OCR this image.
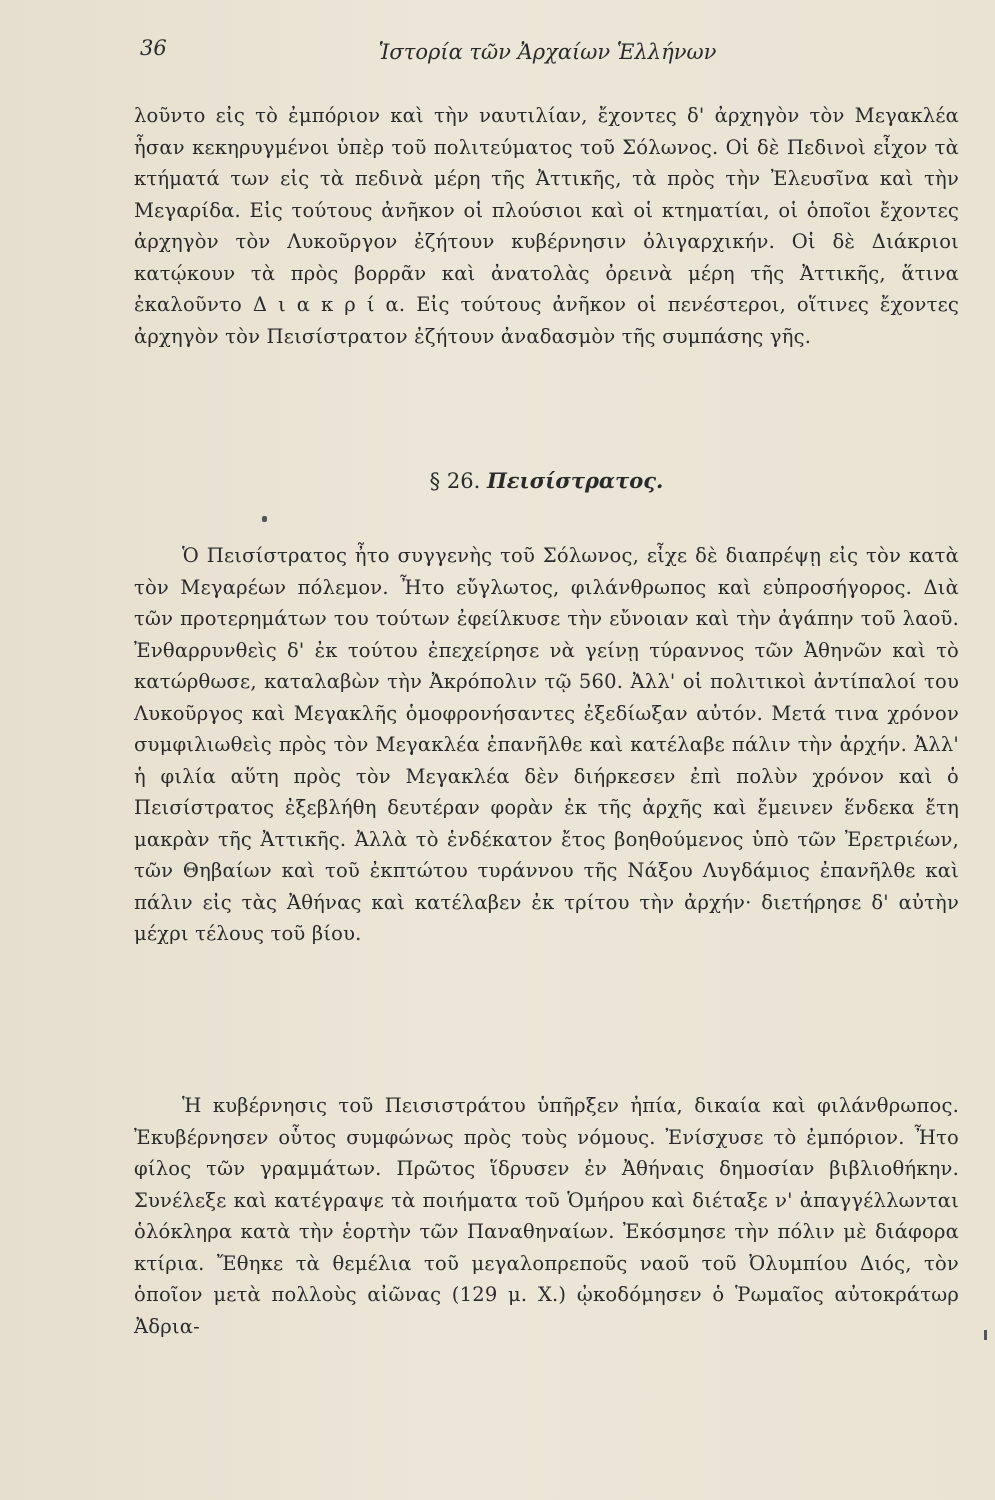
36	Ἱστορία τῶν Ἀρχαίων Ἑλλήνων

λοῦντο εἰς τὸ ἐμπόριον καὶ τὴν ναυτιλίαν, ἔχοντες δ' ἀρχηγὸν τὸν Μεγακλέα ἦσαν κεκηρυγμένοι ὑπὲρ τοῦ πολιτεύματος τοῦ Σόλωνος. Οἱ δὲ Πεδινοὶ εἶχον τὰ κτήματά των εἰς τὰ πεδινὰ μέρη τῆς Ἀττικῆς, τὰ πρὸς τὴν Ἐλευσῖνα καὶ τὴν Μεγαρίδα. Εἰς τούτους ἀνῆκον οἱ πλούσιοι καὶ οἱ κτηματίαι, οἱ ὁποῖοι ἔχοντες ἀρχηγὸν τὸν Λυκοῦργον ἐζήτουν κυβέρνησιν ὀλιγαρχικήν. Οἱ δὲ Διάκριοι κατῴκουν τὰ πρὸς βορρᾶν καὶ ἀνατολὰς ὀρεινὰ μέρη τῆς Ἀττικῆς, ἅτινα ἐκαλοῦντο Δ ι α κ ρ ί α. Εἰς τούτους ἀνῆκον οἱ πενέστεροι, οἵτινες ἔχοντες ἀρχηγὸν τὸν Πεισίστρατον ἐζήτουν ἀναδασμὸν τῆς συμπάσης γῆς.

§ 26. Πεισίστρατος.

Ὁ Πεισίστρατος ἦτο συγγενὴς τοῦ Σόλωνος, εἶχε δὲ διαπρέψῃ εἰς τὸν κατὰ τὸν Μεγαρέων πόλεμον. Ἦτο εὔγλωτος, φιλάνθρωπος καὶ εὐπροσήγορος. Διὰ τῶν προτερημάτων του τούτων ἐφείλκυσε τὴν εὔνοιαν καὶ τὴν ἀγάπην τοῦ λαοῦ. Ἐνθαρρυνθεὶς δ' ἐκ τούτου ἐπεχείρησε νὰ γείνῃ τύραννος τῶν Ἀθηνῶν καὶ τὸ κατώρθωσε, καταλαβὼν τὴν Ἀκρόπολιν τῷ 560. Ἀλλ' οἱ πολιτικοὶ ἀντίπαλοί του Λυκοῦργος καὶ Μεγακλῆς ὁμοφρονήσαντες ἐξεδίωξαν αὐτόν. Μετά τινα χρόνον συμφιλιωθεὶς πρὸς τὸν Μεγακλέα ἐπανῆλθε καὶ κατέλαβε πάλιν τὴν ἀρχήν. Ἀλλ' ἡ φιλία αὕτη πρὸς τὸν Μεγακλέα δὲν διήρκεσεν ἐπὶ πολὺν χρόνον καὶ ὁ Πεισίστρατος ἐξεβλήθη δευτέραν φορὰν ἐκ τῆς ἀρχῆς καὶ ἔμεινεν ἕνδεκα ἔτη μακρὰν τῆς Ἀττικῆς. Ἀλλὰ τὸ ἑνδέκατον ἔτος βοηθούμενος ὑπὸ τῶν Ἐρετριέων, τῶν Θηβαίων καὶ τοῦ ἐκπτώτου τυράννου τῆς Νάξου Λυγδάμιος ἐπανῆλθε καὶ πάλιν εἰς τὰς Ἀθήνας καὶ κατέλαβεν ἐκ τρίτου τὴν ἀρχήν· διετήρησε δ' αὐτὴν μέχρι τέλους τοῦ βίου.

Ἡ κυβέρνησις τοῦ Πεισιστράτου ὑπῆρξεν ἠπία, δικαία καὶ φιλάνθρωπος. Ἐκυβέρνησεν οὗτος συμφώνως πρὸς τοὺς νόμους. Ἐνίσχυσε τὸ ἐμπόριον. Ἦτο φίλος τῶν γραμμάτων. Πρῶτος ἵδρυσεν ἐν Ἀθήναις δημοσίαν βιβλιοθήκην. Συνέλεξε καὶ κατέγραψε τὰ ποιήματα τοῦ Ὁμήρου καὶ διέταξε ν' ἀπαγγέλλωνται ὁλόκληρα κατὰ τὴν ἑορτὴν τῶν Παναθηναίων. Ἐκόσμησε τὴν πόλιν μὲ διάφορα κτίρια. Ἔθηκε τὰ θεμέλια τοῦ μεγαλοπρεποῦς ναοῦ τοῦ Ὀλυμπίου Διός, τὸν ὁποῖον μετὰ πολλοὺς αἰῶνας (129 μ. Χ.) ᾠκοδόμησεν ὁ Ῥωμαῖος αὐτοκράτωρ Ἀδρια-
